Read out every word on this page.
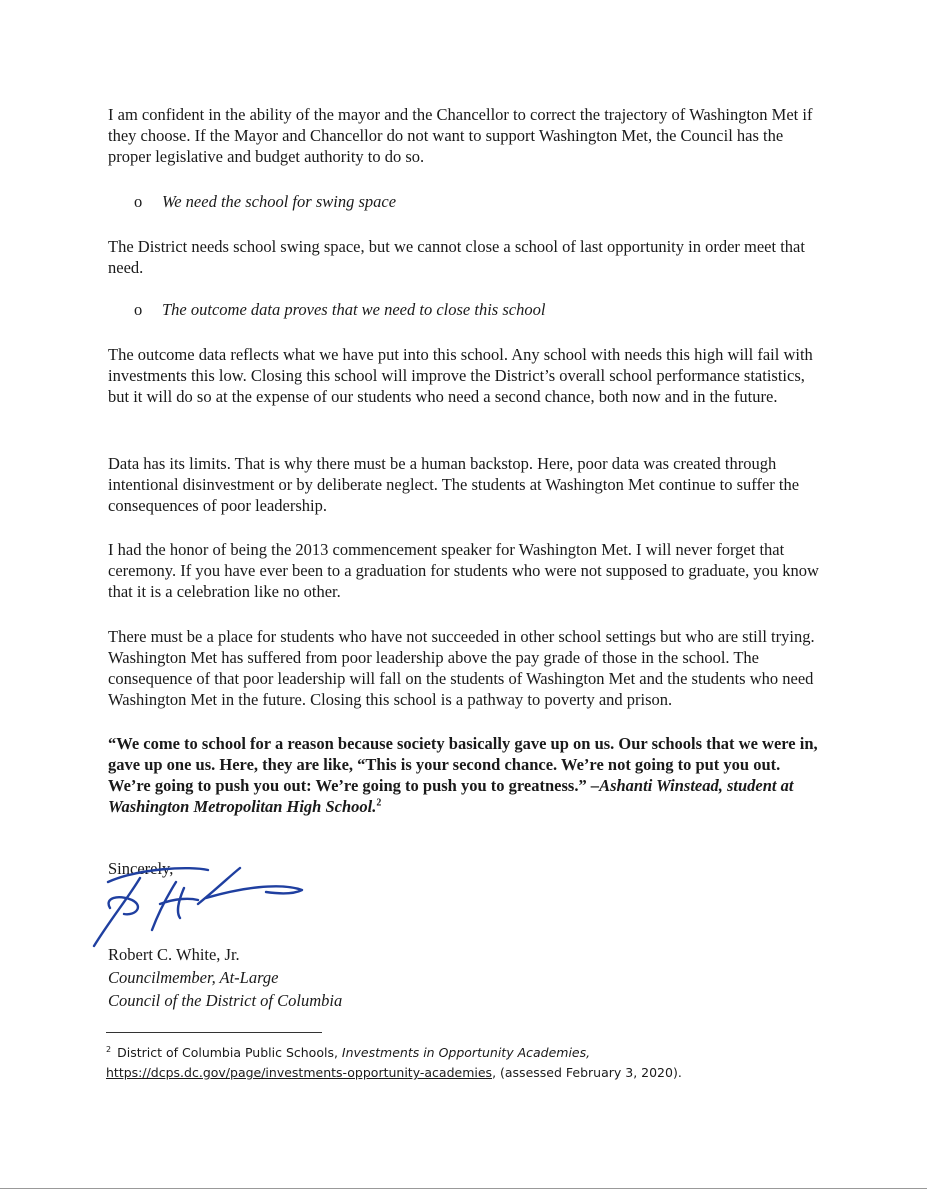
I am confident in the ability of the mayor and the Chancellor to correct the trajectory of Washington Met if they choose. If the Mayor and Chancellor do not want to support Washington Met, the Council has the proper legislative and budget authority to do so.

o We need the school for swing space

The District needs school swing space, but we cannot close a school of last opportunity in order meet that need.

o The outcome data proves that we need to close this school

The outcome data reflects what we have put into this school. Any school with needs this high will fail with investments this low. Closing this school will improve the District’s overall school performance statistics, but it will do so at the expense of our students who need a second chance, both now and in the future.

Data has its limits. That is why there must be a human backstop. Here, poor data was created through intentional disinvestment or by deliberate neglect. The students at Washington Met continue to suffer the consequences of poor leadership.

I had the honor of being the 2013 commencement speaker for Washington Met. I will never forget that ceremony. If you have ever been to a graduation for students who were not supposed to graduate, you know that it is a celebration like no other.

There must be a place for students who have not succeeded in other school settings but who are still trying. Washington Met has suffered from poor leadership above the pay grade of those in the school. The consequence of that poor leadership will fall on the students of Washington Met and the students who need Washington Met in the future. Closing this school is a pathway to poverty and prison.

“We come to school for a reason because society basically gave up on us. Our schools that we were in, gave up one us. Here, they are like, “This is your second chance. We’re not going to put you out. We’re going to push you out: We’re going to push you to greatness.” –Ashanti Winstead, student at Washington Metropolitan High School.$^2$

Sincerely,

Robert C. White, Jr.

Councilmember, At-Large

Council of the District of Columbia

$^2$ District of Columbia Public Schools, Investments in Opportunity Academies,
https://dcps.dc.gov/page/investments-opportunity-academies, (assessed February 3, 2020).
